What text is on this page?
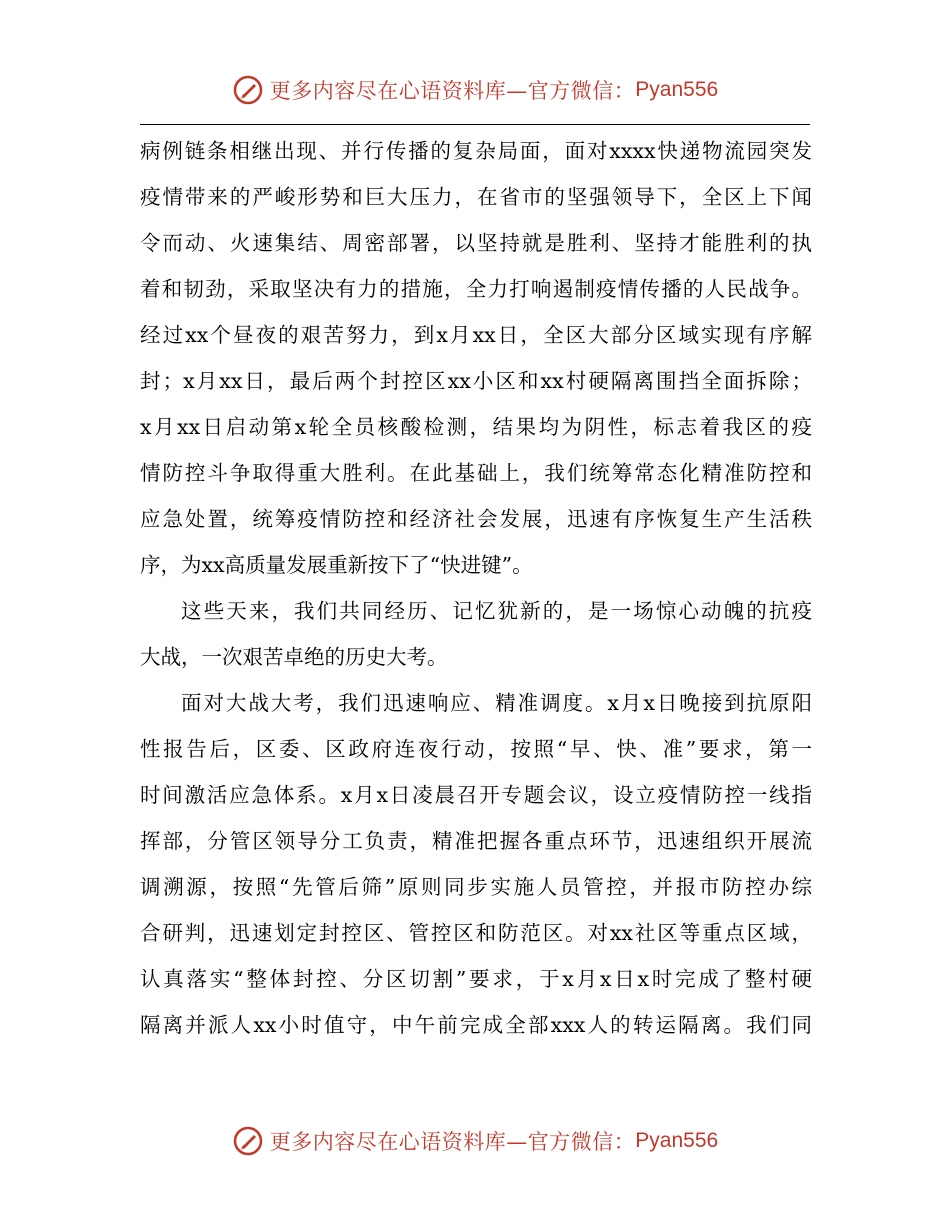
更多内容尽在心语资料库—官方微信： Pyan556
病例链条相继出现、并行传播的复杂局面，面对xxxx快递物流园突发
疫情带来的严峻形势和巨大压力，在省市的坚强领导下，全区上下闻
令而动、火速集结、周密部署，以坚持就是胜利、坚持才能胜利的执
着和韧劲，采取坚决有力的措施，全力打响遏制疫情传播的人民战争。
经过xx个昼夜的艰苦努力，到x月xx日，全区大部分区域实现有序解
封；x月xx日，最后两个封控区xx小区和xx村硬隔离围挡全面拆除；
x月xx日启动第x轮全员核酸检测，结果均为阴性，标志着我区的疫
情防控斗争取得重大胜利。在此基础上，我们统筹常态化精准防控和
应急处置，统筹疫情防控和经济社会发展，迅速有序恢复生产生活秩
序，为xx高质量发展重新按下了“快进键”。
这些天来，我们共同经历、记忆犹新的，是一场惊心动魄的抗疫
大战，一次艰苦卓绝的历史大考。
面对大战大考，我们迅速响应、精准调度。x月x日晚接到抗原阳
性报告后，区委、区政府连夜行动，按照“早、快、准”要求，第一
时间激活应急体系。x月x日凌晨召开专题会议，设立疫情防控一线指
挥部，分管区领导分工负责，精准把握各重点环节，迅速组织开展流
调溯源，按照“先管后筛”原则同步实施人员管控，并报市防控办综
合研判，迅速划定封控区、管控区和防范区。对xx社区等重点区域，
认真落实“整体封控、分区切割”要求，于x月x日x时完成了整村硬
隔离并派人xx小时值守，中午前完成全部xxx人的转运隔离。我们同
更多内容尽在心语资料库—官方微信： Pyan556
